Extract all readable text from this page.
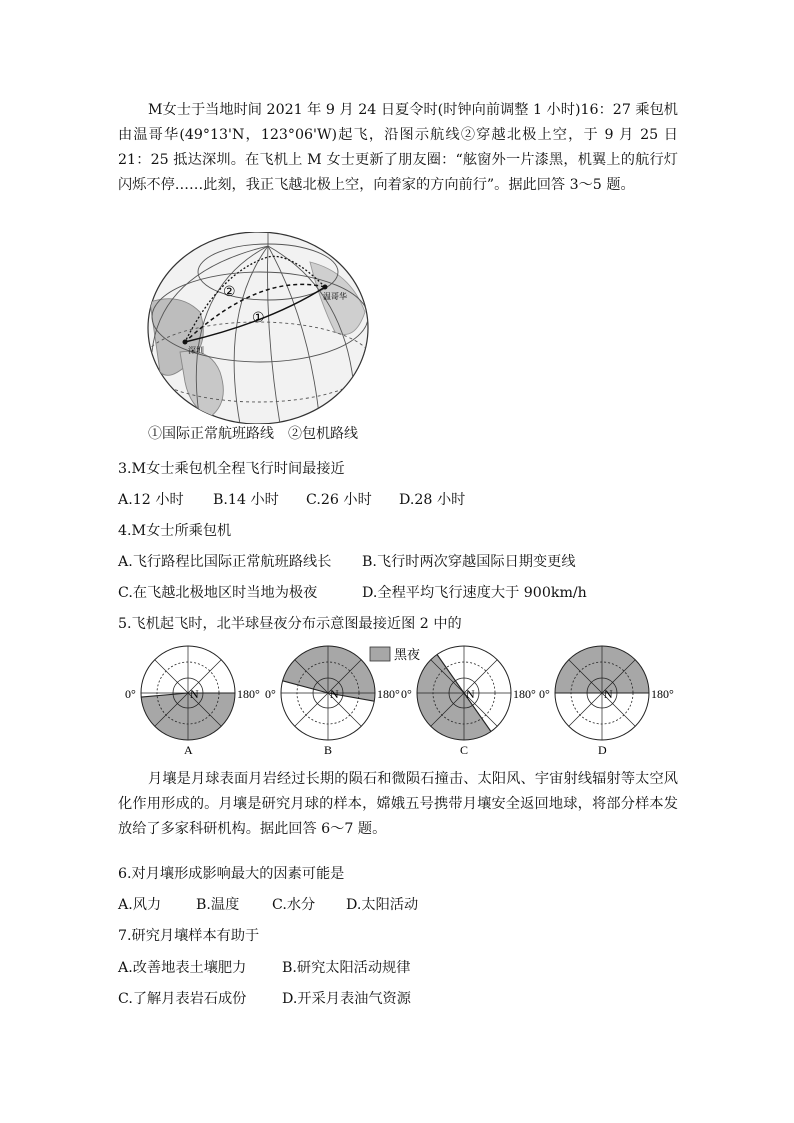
M女士于当地时间 2021 年 9 月 24 日夏令时(时钟向前调整 1 小时)16：27 乘包机由温哥华(49°13'N，123°06'W)起飞，沿图示航线②穿越北极上空，于 9 月 25 日 21：25 抵达深圳。在飞机上 M 女士更新了朋友圈：“舷窗外一片漆黑，机翼上的航行灯闪烁不停……此刻，我正飞越北极上空，向着家的方向前行”。据此回答 3～5 题。
②
①
温哥华
深圳
①国际正常航班路线　②包机路线
3.M女士乘包机全程飞行时间最接近
A.12 小时 B.14 小时 C.26 小时 D.28 小时
4.M女士所乘包机
A.飞行路程比国际正常航班路线长 B.飞行时两次穿越国际日期变更线
C.在飞越北极地区时当地为极夜	D.全程平均飞行速度大于 900km/h
5.飞机起飞时，北半球昼夜分布示意图最接近图 2 中的
黑夜
N
0°	180°
A
N
0°	180°
B
N
0°	180°
C
N
0°	180°
D
月壤是月球表面月岩经过长期的陨石和微陨石撞击、太阳风、宇宙射线辐射等太空风化作用形成的。月壤是研究月球的样本，嫦娥五号携带月壤安全返回地球，将部分样本发放给了多家科研机构。据此回答 6～7 题。
6.对月壤形成影响最大的因素可能是
A.风力 B.温度 C.水分 D.太阳活动
7.研究月壤样本有助于
A.改善地表土壤肥力	B.研究太阳活动规律
C.了解月表岩石成份	D.开采月表油气资源
